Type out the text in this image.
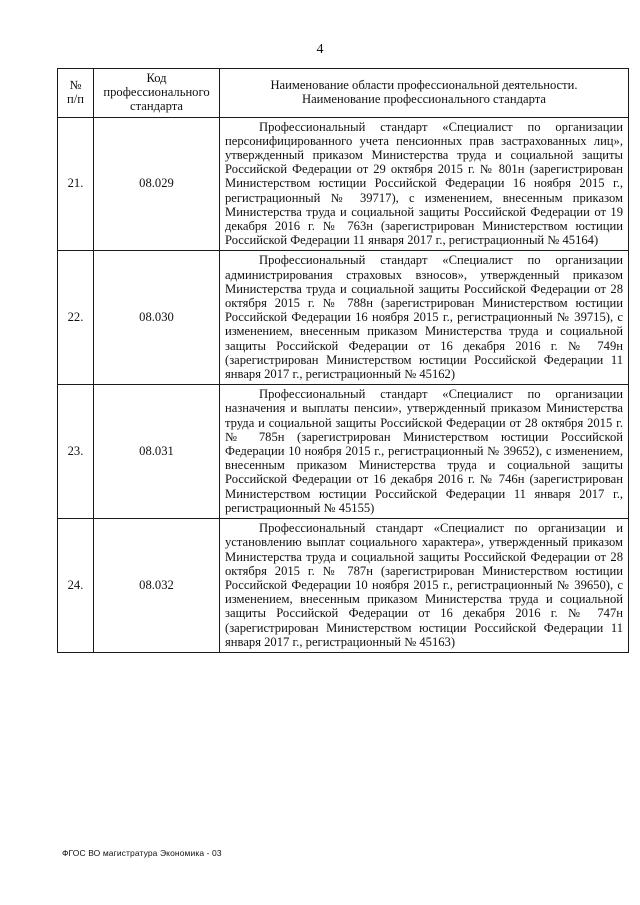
4
№ п/п	Код профессионального стандарта	Наименование области профессиональной деятельности.
Наименование профессионального стандарта

21.	08.029	Профессиональный стандарт «Специалист по организации персонифицированного учета пенсионных прав застрахованных лиц», утвержденный приказом Министерства труда и социальной защиты Российской Федерации от 29 октября 2015 г. № 801н (зарегистрирован Министерством юстиции Российской Федерации 16 ноября 2015 г., регистрационный № 39717), с изменением, внесенным приказом Министерства труда и социальной защиты Российской Федерации от 19 декабря 2016 г. № 763н (зарегистрирован Министерством юстиции Российской Федерации 11 января 2017 г., регистрационный № 45164)
22.	08.030	Профессиональный стандарт «Специалист по организации администрирования страховых взносов», утвержденный приказом Министерства труда и социальной защиты Российской Федерации от 28 октября 2015 г. № 788н (зарегистрирован Министерством юстиции Российской Федерации 16 ноября 2015 г., регистрационный № 39715), с изменением, внесенным приказом Министерства труда и социальной защиты Российской Федерации от 16 декабря 2016 г. № 749н (зарегистрирован Министерством юстиции Российской Федерации 11 января 2017 г., регистрационный № 45162)
23.	08.031	Профессиональный стандарт «Специалист по организации назначения и выплаты пенсии», утвержденный приказом Министерства труда и социальной защиты Российской Федерации от 28 октября 2015 г. № 785н (зарегистрирован Министерством юстиции Российской Федерации 10 ноября 2015 г., регистрационный № 39652), с изменением, внесенным приказом Министерства труда и социальной защиты Российской Федерации от 16 декабря 2016 г. № 746н (зарегистрирован Министерством юстиции Российской Федерации 11 января 2017 г., регистрационный № 45155)
24.	08.032	Профессиональный стандарт «Специалист по организации и установлению выплат социального характера», утвержденный приказом Министерства труда и социальной защиты Российской Федерации от 28 октября 2015 г. № 787н (зарегистрирован Министерством юстиции Российской Федерации 10 ноября 2015 г., регистрационный № 39650), с изменением, внесенным приказом Министерства труда и социальной защиты Российской Федерации от 16 декабря 2016 г. № 747н (зарегистрирован Министерством юстиции Российской Федерации 11 января 2017 г., регистрационный № 45163)
ФГОС ВО магистратура Экономика - 03
